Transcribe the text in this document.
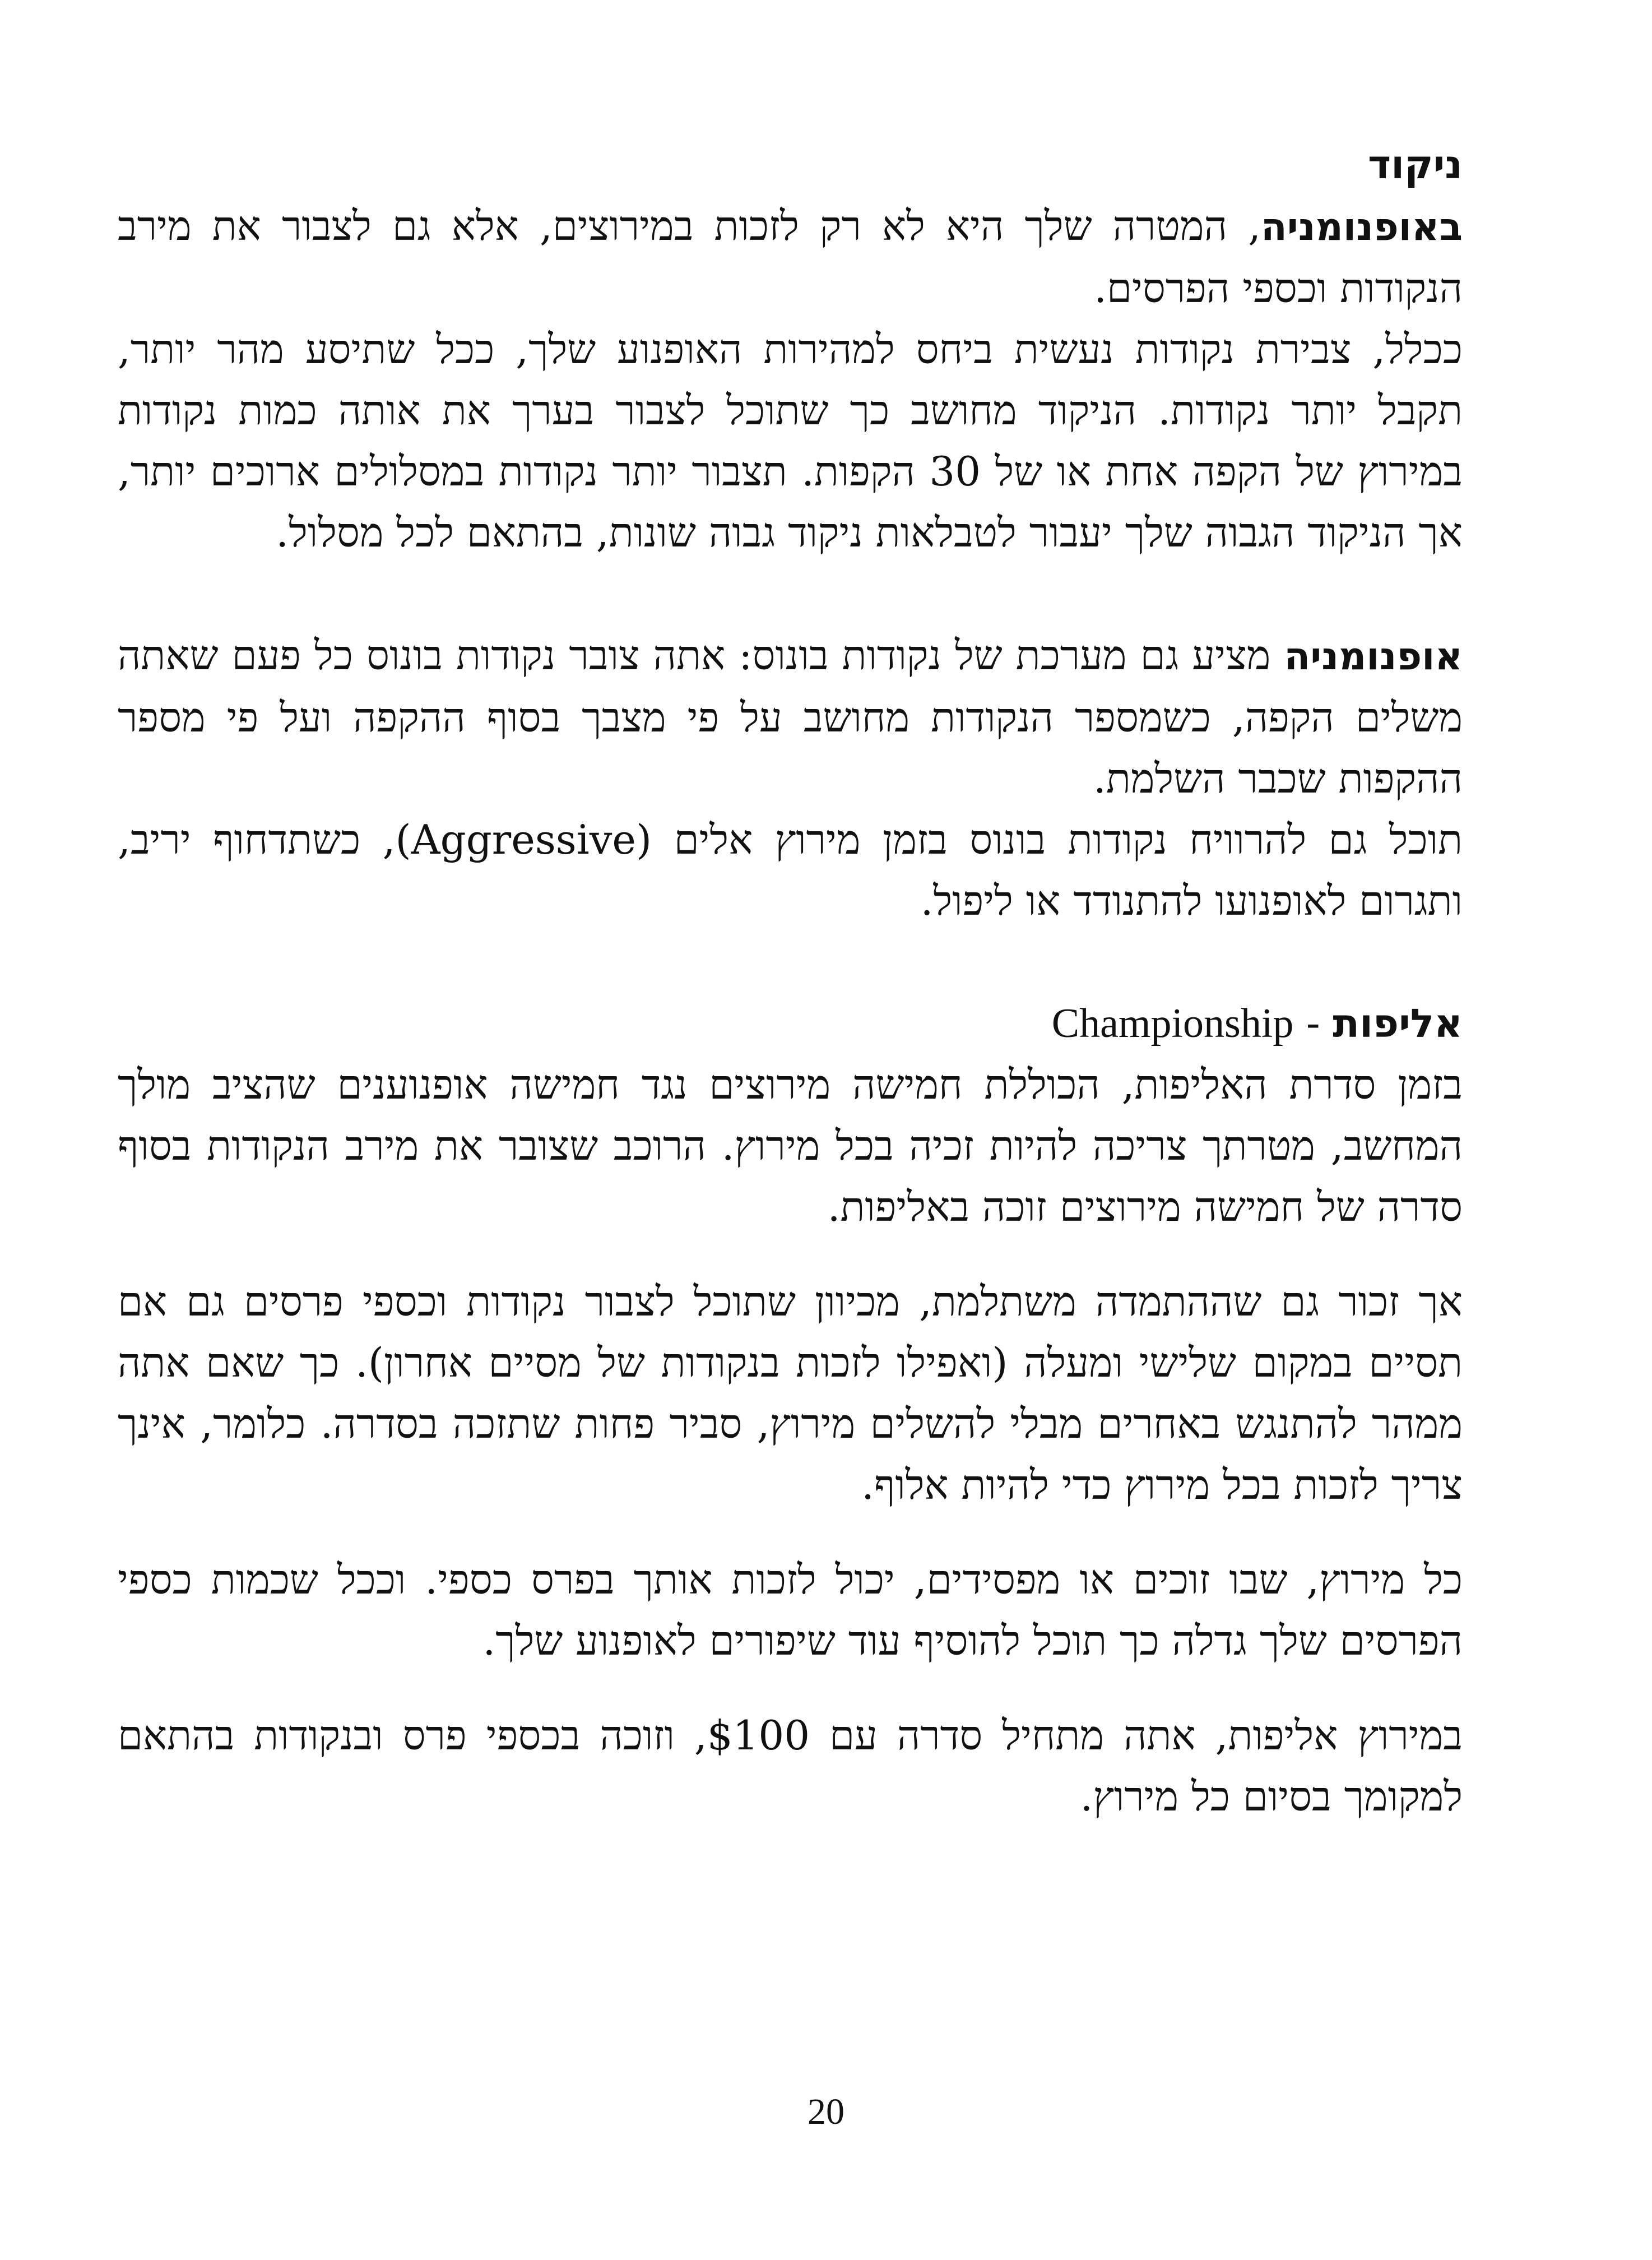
ניקוד

באופנומניה, המטרה שלך היא לא רק לזכות במירוצים, אלא גם לצבור את מירב הנקודות וכספי הפרסים.

ככלל, צבירת נקודות נעשית ביחס למהירות האופנוע שלך, ככל שתיסע מהר יותר, תקבל יותר נקודות. הניקוד מחושב כך שתוכל לצבור בערך את אותה כמות נקודות במירוץ של הקפה אחת או של 30 הקפות. תצבור יותר נקודות במסלולים ארוכים יותר, אך הניקוד הגבוה שלך יעבור לטבלאות ניקוד גבוה שונות, בהתאם לכל מסלול.

אופנומניה מציע גם מערכת של נקודות בונוס: אתה צובר נקודות בונוס כל פעם שאתה משלים הקפה, כשמספר הנקודות מחושב על פי מצבך בסוף ההקפה ועל פי מספר ההקפות שכבר השלמת.

תוכל גם להרוויח נקודות בונוס בזמן מירוץ אלים (Aggressive), כשתדחוף יריב, ותגרום לאופנועו להתנודד או ליפול.

אליפות - Championship

בזמן סדרת האליפות, הכוללת חמישה מירוצים נגד חמישה אופנוענים שהציב מולך המחשב, מטרתך צריכה להיות זכיה בכל מירוץ. הרוכב שצובר את מירב הנקודות בסוף סדרה של חמישה מירוצים זוכה באליפות.

אך זכור גם שההתמדה משתלמת, מכיוון שתוכל לצבור נקודות וכספי פרסים גם אם תסיים במקום שלישי ומעלה (ואפילו לזכות בנקודות של מסיים אחרון). כך שאם אתה ממהר להתנגש באחרים מבלי להשלים מירוץ, סביר פחות שתזכה בסדרה. כלומר, אינך צריך לזכות בכל מירוץ כדי להיות אלוף.

כל מירוץ, שבו זוכים או מפסידים, יכול לזכות אותך בפרס כספי. וככל שכמות כספי הפרסים שלך גדלה כך תוכל להוסיף עוד שיפורים לאופנוע שלך.

במירוץ אליפות, אתה מתחיל סדרה עם $100, וזוכה בכספי פרס ובנקודות בהתאם למקומך בסיום כל מירוץ.

20
